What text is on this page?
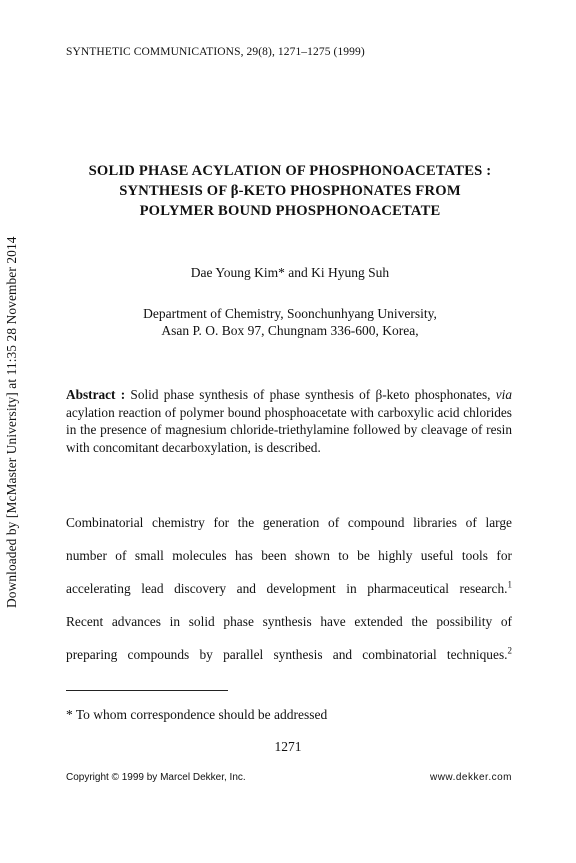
SYNTHETIC COMMUNICATIONS, 29(8), 1271–1275 (1999)
SOLID PHASE ACYLATION OF PHOSPHONOACETATES :
SYNTHESIS OF β-KETO PHOSPHONATES FROM
POLYMER BOUND PHOSPHONOACETATE
Dae Young Kim* and Ki Hyung Suh
Department of Chemistry, Soonchunhyang University,
Asan P. O. Box 97, Chungnam 336-600, Korea,
Abstract : Solid phase synthesis of phase synthesis of β-keto phosphonates, via acylation reaction of polymer bound phosphoacetate with carboxylic acid chlorides in the presence of magnesium chloride-triethylamine followed by cleavage of resin with concomitant decarboxylation, is described.
Combinatorial chemistry for the generation of compound libraries of large
number of small molecules has been shown to be highly useful tools for
accelerating lead discovery and development in pharmaceutical research.$^1$
Recent advances in solid phase synthesis have extended the possibility of
preparing compounds by parallel synthesis and combinatorial techniques.$^2$
* To whom correspondence should be addressed
1271
Copyright © 1999 by Marcel Dekker, Inc.	www.dekker.com
Downloaded by [McMaster University] at 11:35 28 November 2014
